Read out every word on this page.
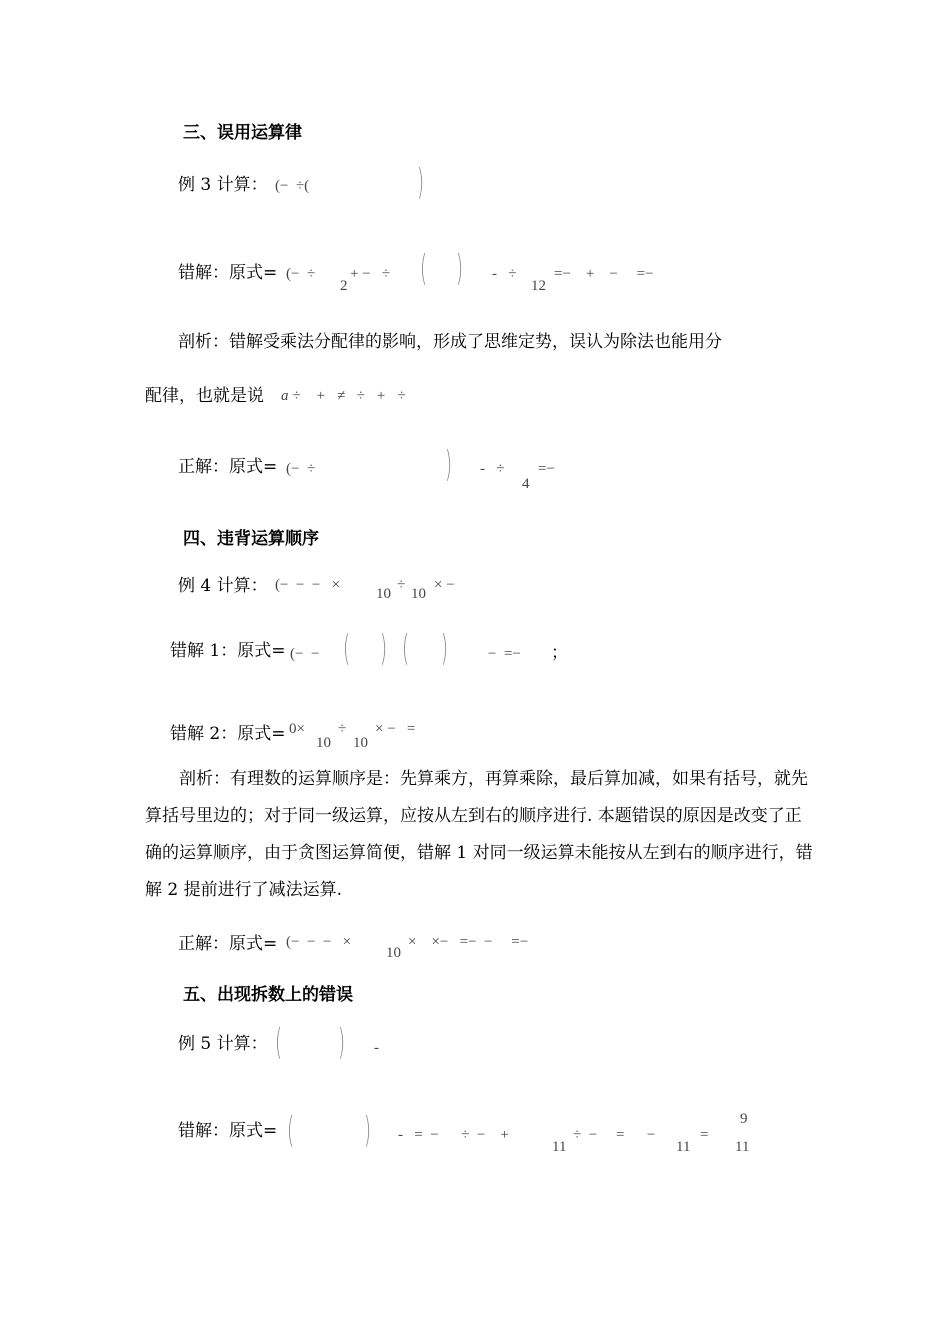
三、误用运算律
例 3 计算： (−  ÷(	)
错解：原式= (−  ÷
2
+ −   ÷ ( ) -   ÷
12
=−    +    −     =−
剖析：错解受乘法分配律的影响，形成了思维定势，误认为除法也能用分
配律，也就是说 a ÷    +   ≠   ÷   +   ÷
正解：原式= (−  ÷	) -   ÷
4
=−
四、违背运算顺序
例 4 计算： (−  −  −   ×
10
÷
10
× −
错解 1：原式= (−  − ( ) ( )	−  =− ；
错解 2：原式= 0×
10
÷
10
× −   =
剖析：有理数的运算顺序是：先算乘方，再算乘除，最后算加减，如果有括号，就先算括号里边的；对于同一级运算，应按从左到右的顺序进行. 本题错误的原因是改变了正确的运算顺序，由于贪图运算简便，错解 1 对同一级运算未能按从左到右的顺序进行，错解 2 提前进行了减法运算.
正解：原式= (−  −  −   ×
10
×    ×−   =−  −     =−
五、出现拆数上的错误
例 5 计算： ( ) -
错解：原式= ( ) -   =  −      ÷  −    +
11
÷  −     =      −
11
=
9
11
